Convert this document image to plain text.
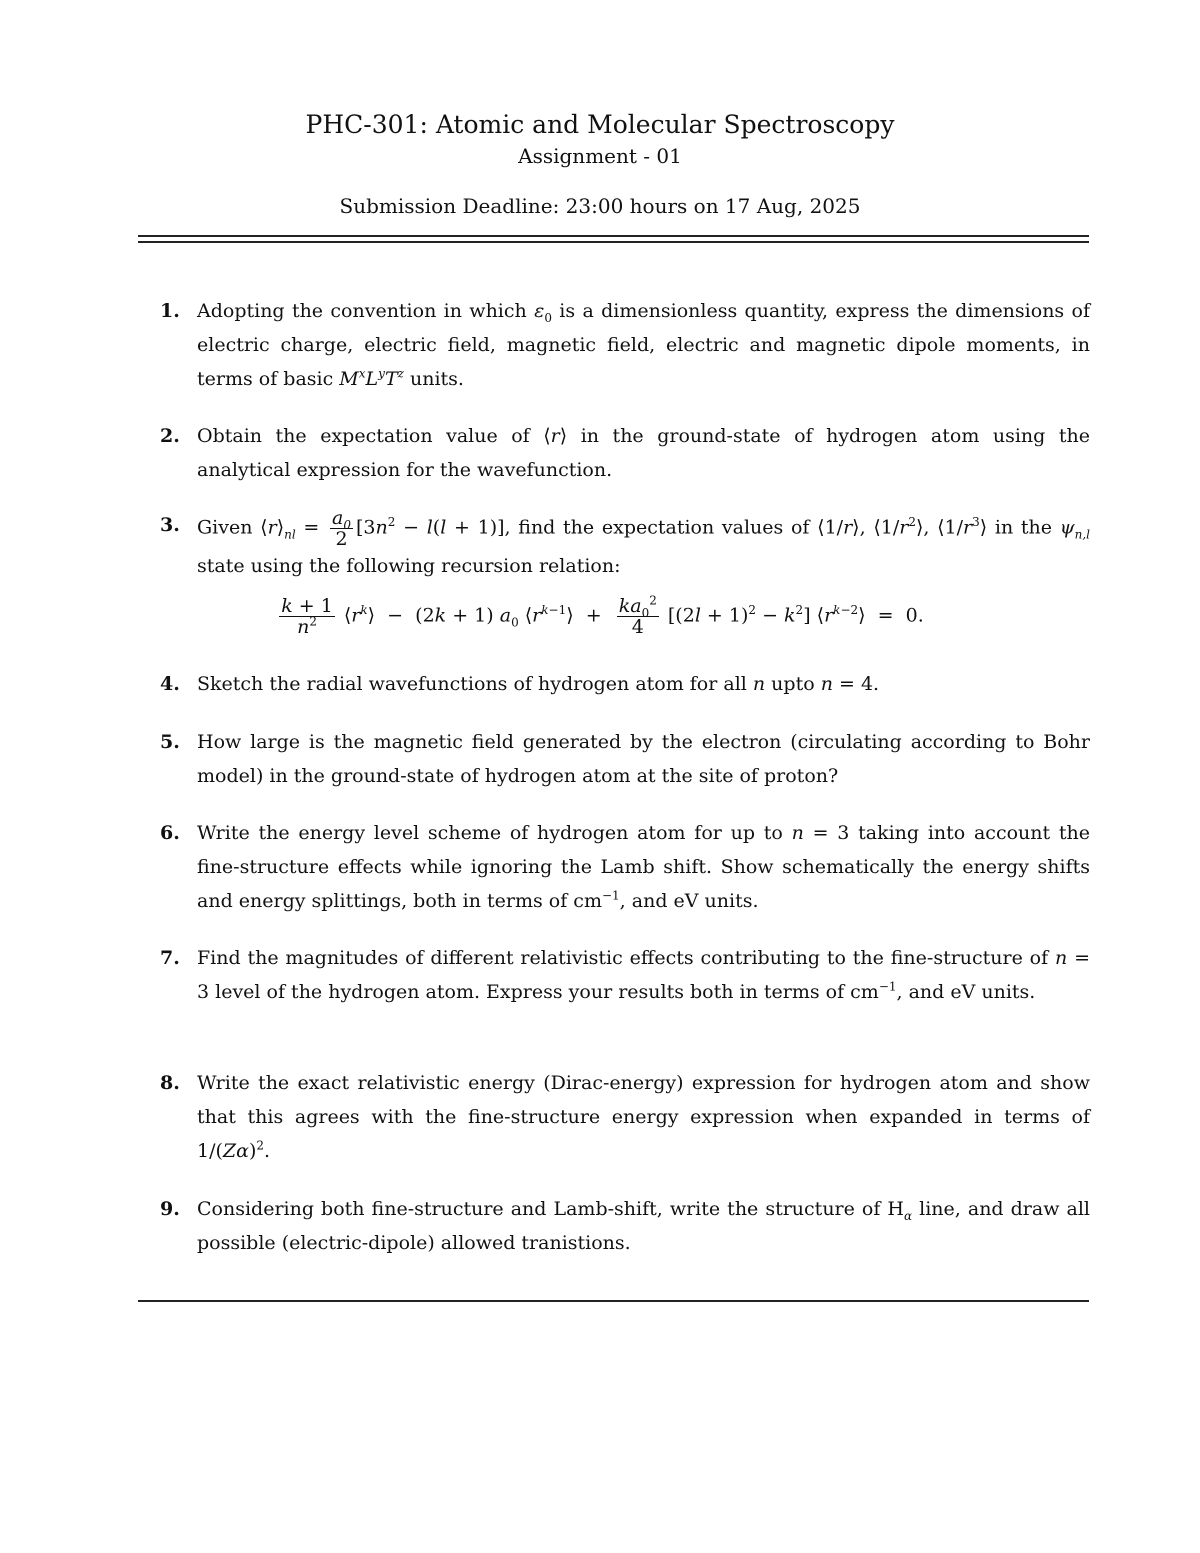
PHC-301: Atomic and Molecular Spectroscopy
Assignment - 01
Submission Deadline: 23:00 hours on 17 Aug, 2025
1. Adopting the convention in which $\varepsilon_0$ is a dimensionless quantity, express the dimensions of electric charge, electric field, magnetic field, electric and magnetic dipole moments, in terms of basic $M^xL^yT^z$ units.
2. Obtain the expectation value of ⟨r⟩ in the ground-state of hydrogen atom using the analytical expression for the wavefunction.
3. Given $⟨r⟩_{nl} = \frac{a_0}{2} [3n^2 - l(l + 1)]$, find the expectation values of ⟨1/r⟩, $⟨1/r^2⟩$, $⟨1/r^3⟩$ in the $\psi_{n,l}$ state using the following recursion relation:
$\frac{k + 1}{n^2}$ $⟨r^k⟩ - (2k + 1)$ $a_0$ $⟨r^{k-1}⟩ + \frac{ka_0^2}{4} [(2l + 1)^2 - k^2]$ $⟨r^{k-2}⟩ = 0$.
4. Sketch the radial wavefunctions of hydrogen atom for all n upto n = 4.
5. How large is the magnetic field generated by the electron (circulating according to Bohr model) in the ground-state of hydrogen atom at the site of proton?
6. Write the energy level scheme of hydrogen atom for up to n = 3 taking into account the fine-structure effects while ignoring the Lamb shift. Show schematically the energy shifts and energy splittings, both in terms of $cm^{-1}$, and eV units.
7. Find the magnitudes of different relativistic effects contributing to the fine-structure of n = 3 level of the hydrogen atom. Express your results both in terms of $cm^{-1}$, and eV units.
8. Write the exact relativistic energy (Dirac-energy) expression for hydrogen atom and show that this agrees with the fine-structure energy expression when expanded in terms of $1/(Z\alpha)^2$.
9. Considering both fine-structure and Lamb-shift, write the structure of $H_\alpha$ line, and draw all possible (electric-dipole) allowed tranistions.
